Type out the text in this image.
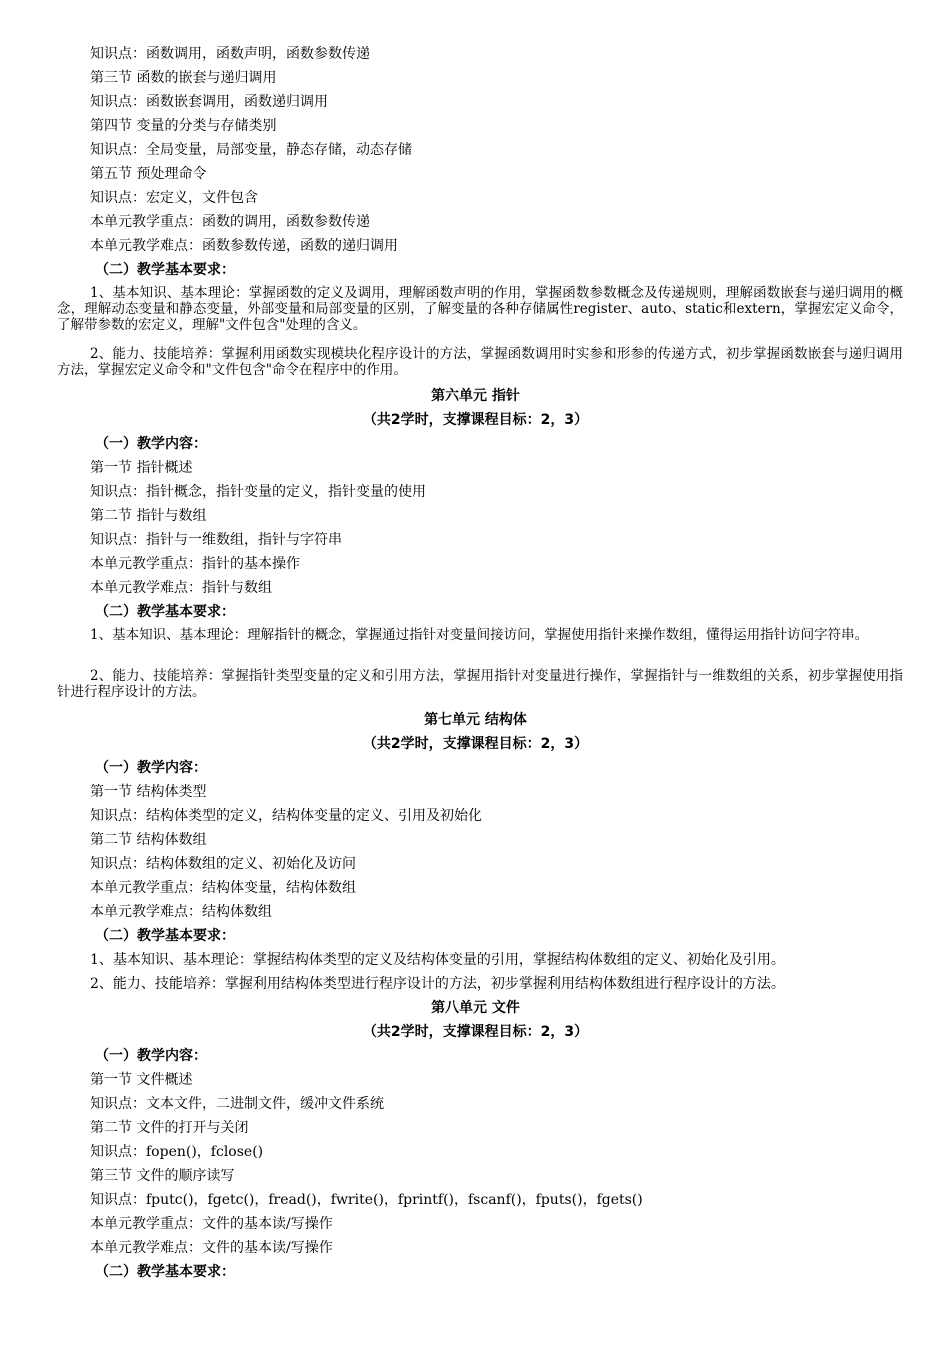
知识点：函数调用，函数声明，函数参数传递
第三节 函数的嵌套与递归调用
知识点：函数嵌套调用，函数递归调用
第四节 变量的分类与存储类别
知识点：全局变量，局部变量，静态存储，动态存储
第五节 预处理命令
知识点：宏定义，文件包含
本单元教学重点：函数的调用，函数参数传递
本单元教学难点：函数参数传递，函数的递归调用
（二）教学基本要求：
1、基本知识、基本理论：掌握函数的定义及调用，理解函数声明的作用，掌握函数参数概念及传递规则，理解函数嵌套与递归调用的概念，理解动态变量和静态变量，外部变量和局部变量的区别，了解变量的各种存储属性register、auto、static和extern，掌握宏定义命令，了解带参数的宏定义，理解"文件包含"处理的含义。
2、能力、技能培养：掌握利用函数实现模块化程序设计的方法，掌握函数调用时实参和形参的传递方式，初步掌握函数嵌套与递归调用方法，掌握宏定义命令和"文件包含"命令在程序中的作用。
第六单元 指针
（共2学时，支撑课程目标：2，3）
（一）教学内容：
第一节 指针概述
知识点：指针概念，指针变量的定义，指针变量的使用
第二节 指针与数组
知识点：指针与一维数组，指针与字符串
本单元教学重点：指针的基本操作
本单元教学难点：指针与数组
（二）教学基本要求：
1、基本知识、基本理论：理解指针的概念，掌握通过指针对变量间接访问，掌握使用指针来操作数组，懂得运用指针访问字符串。
2、能力、技能培养：掌握指针类型变量的定义和引用方法，掌握用指针对变量进行操作，掌握指针与一维数组的关系，初步掌握使用指针进行程序设计的方法。
第七单元 结构体
（共2学时，支撑课程目标：2，3）
（一）教学内容：
第一节 结构体类型
知识点：结构体类型的定义，结构体变量的定义、引用及初始化
第二节 结构体数组
知识点：结构体数组的定义、初始化及访问
本单元教学重点：结构体变量，结构体数组
本单元教学难点：结构体数组
（二）教学基本要求：
1、基本知识、基本理论：掌握结构体类型的定义及结构体变量的引用，掌握结构体数组的定义、初始化及引用。
2、能力、技能培养：掌握利用结构体类型进行程序设计的方法，初步掌握利用结构体数组进行程序设计的方法。
第八单元 文件
（共2学时，支撑课程目标：2，3）
（一）教学内容：
第一节 文件概述
知识点：文本文件，二进制文件，缓冲文件系统
第二节 文件的打开与关闭
知识点：fopen()，fclose()
第三节 文件的顺序读写
知识点：fputc()，fgetc()，fread()，fwrite()，fprintf()，fscanf()，fputs()，fgets()
本单元教学重点：文件的基本读/写操作
本单元教学难点：文件的基本读/写操作
（二）教学基本要求：
